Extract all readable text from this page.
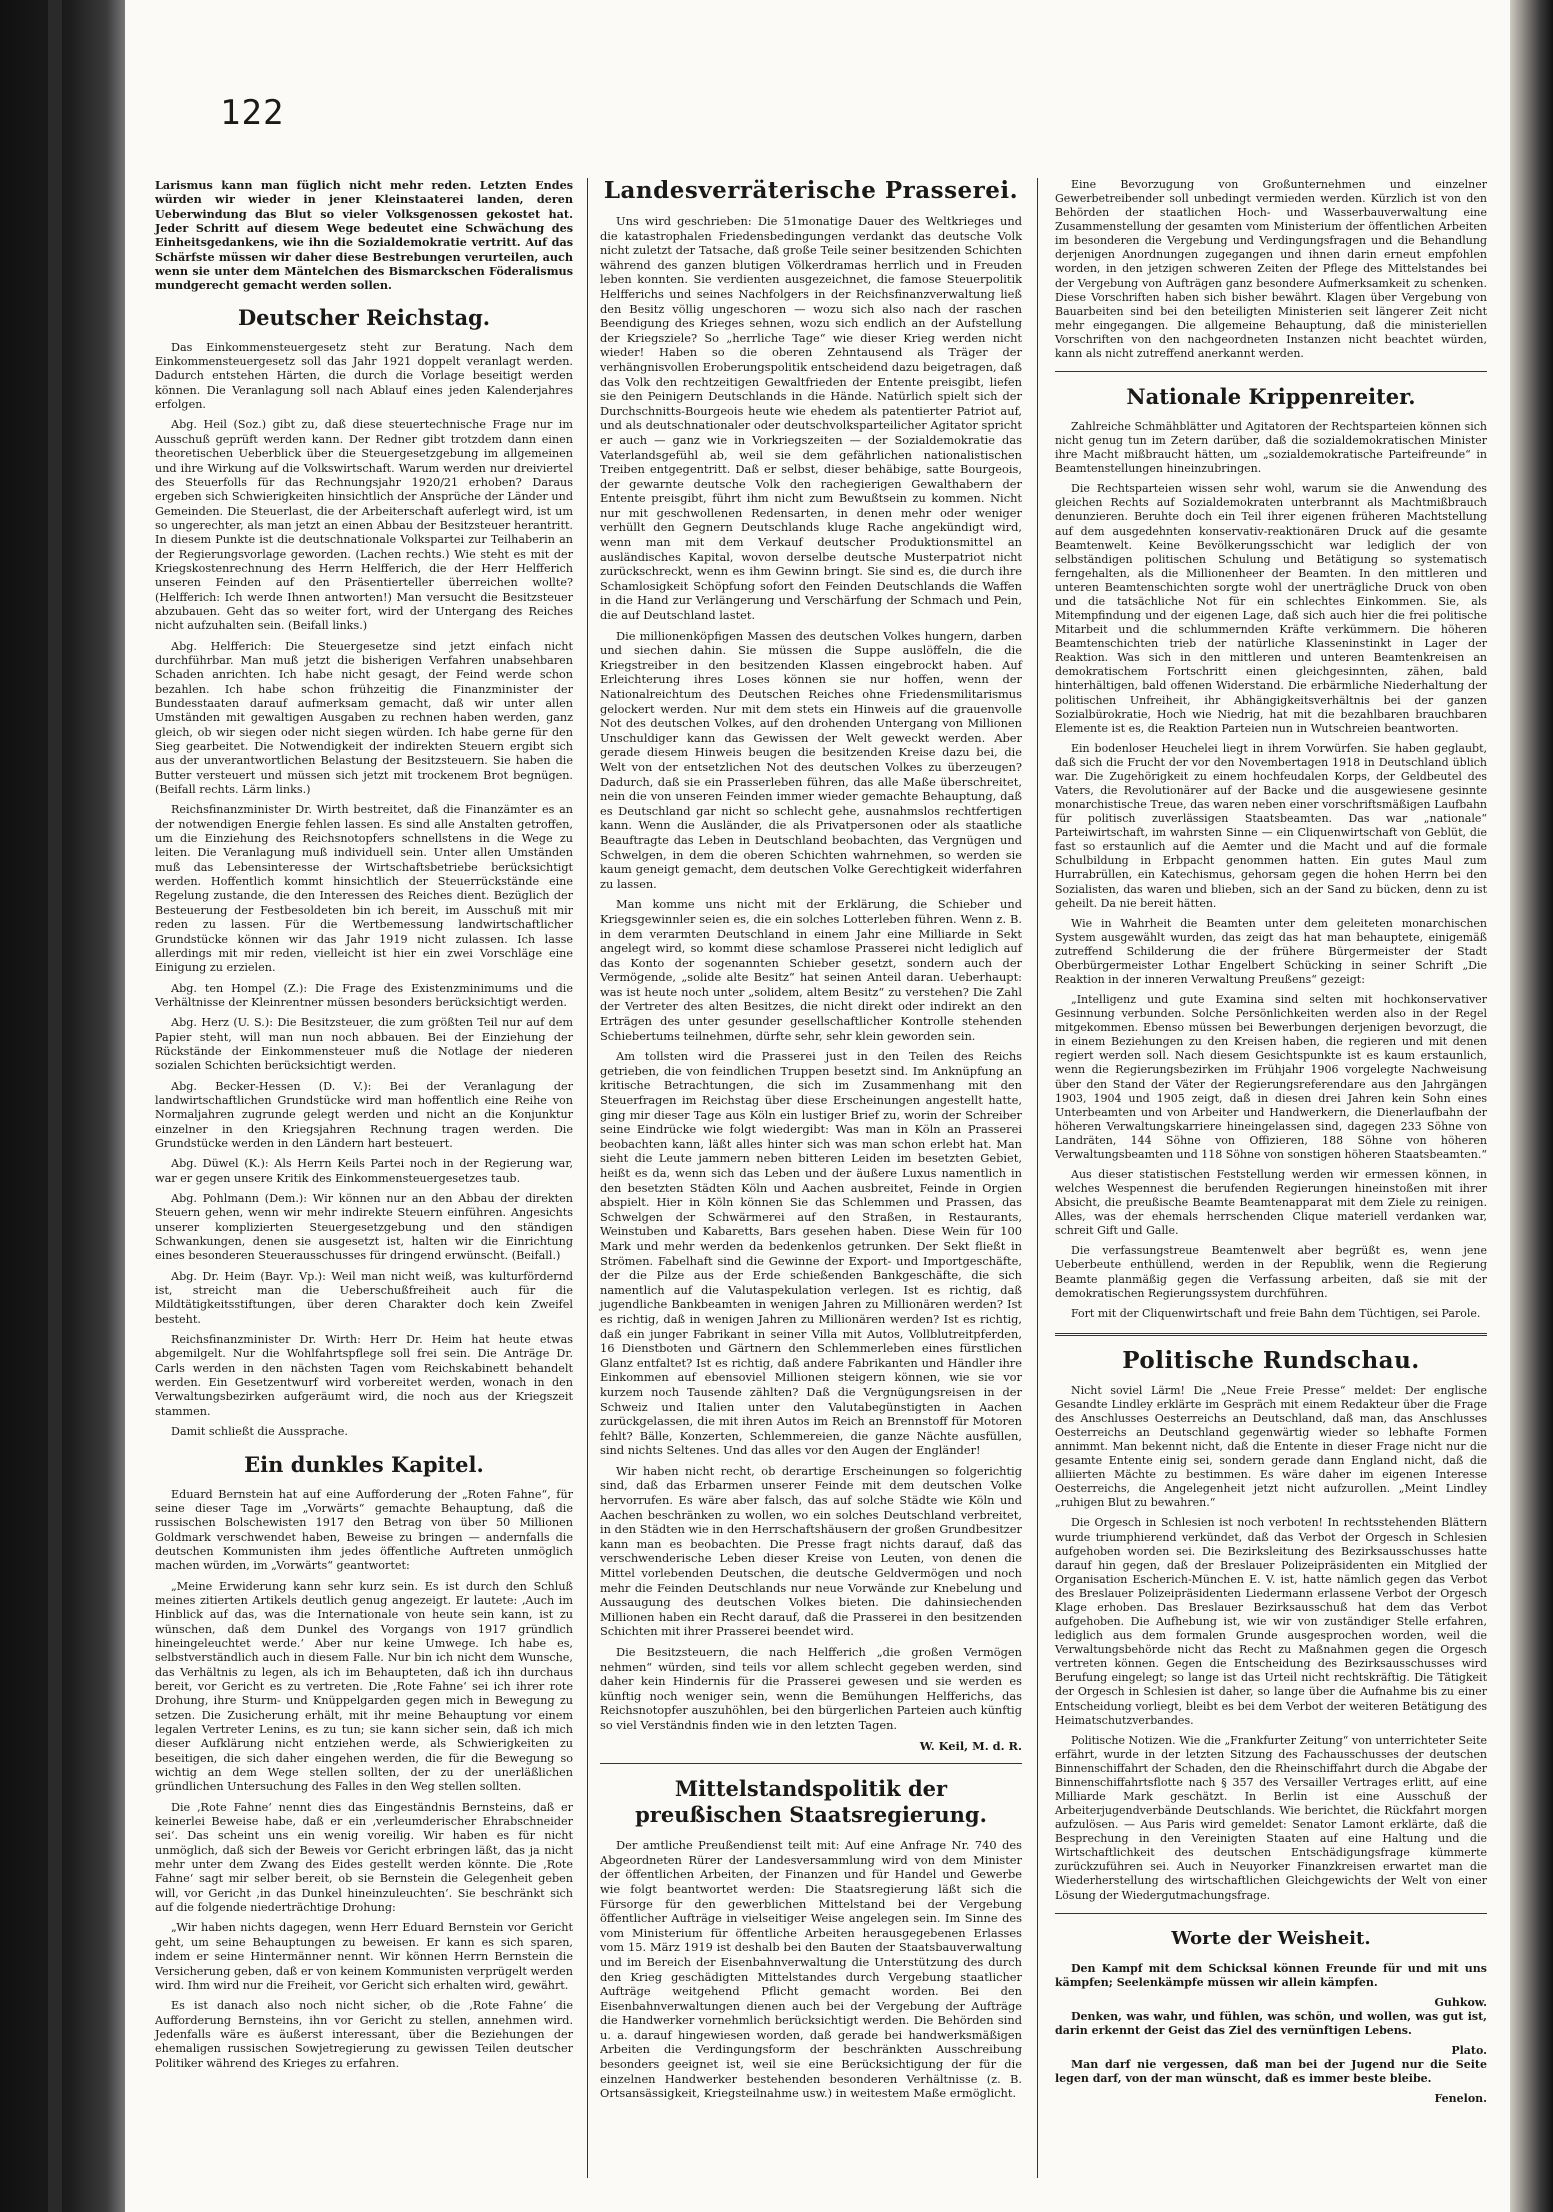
122

Larismus kann man füglich nicht mehr reden. Letzten Endes würden wir wieder in jener Kleinstaaterei landen, deren Ueberwindung das Blut so vieler Volksgenossen gekostet hat. Jeder Schritt auf diesem Wege bedeutet eine Schwächung des Einheitsgedankens, wie ihn die Sozialdemokratie vertritt. Auf das Schärfste müssen wir daher diese Bestrebungen verurteilen, auch wenn sie unter dem Mäntelchen des Bismarckschen Föderalismus mundgerecht gemacht werden sollen.

Deutscher Reichstag.

Das Einkommensteuergesetz steht zur Beratung. Nach dem Einkommensteuergesetz soll das Jahr 1921 doppelt veranlagt werden. Dadurch entstehen Härten, die durch die Vorlage beseitigt werden können. Die Veranlagung soll nach Ablauf eines jeden Kalenderjahres erfolgen.

Abg. Heil (Soz.) gibt zu, daß diese steuertechnische Frage nur im Ausschuß geprüft werden kann. Der Redner gibt trotzdem dann einen theoretischen Ueberblick über die Steuergesetzgebung im allgemeinen und ihre Wirkung auf die Volkswirtschaft. Warum werden nur dreiviertel des Steuerfolls für das Rechnungsjahr 1920/21 erhoben? Daraus ergeben sich Schwierigkeiten hinsichtlich der Ansprüche der Länder und Gemeinden. Die Steuerlast, die der Arbeiterschaft auferlegt wird, ist um so ungerechter, als man jetzt an einen Abbau der Besitzsteuer herantritt. In diesem Punkte ist die deutschnationale Volkspartei zur Teilhaberin an der Regierungsvorlage geworden. (Lachen rechts.) Wie steht es mit der Kriegskostenrechnung des Herrn Helfferich, die der Herr Helfferich unseren Feinden auf den Präsentierteller überreichen wollte? (Helfferich: Ich werde Ihnen antworten!) Man versucht die Besitzsteuer abzubauen. Geht das so weiter fort, wird der Untergang des Reiches nicht aufzuhalten sein. (Beifall links.)

Abg. Helfferich: Die Steuergesetze sind jetzt einfach nicht durchführbar. Man muß jetzt die bisherigen Verfahren unabsehbaren Schaden anrichten. Ich habe nicht gesagt, der Feind werde schon bezahlen. Ich habe schon frühzeitig die Finanzminister der Bundesstaaten darauf aufmerksam gemacht, daß wir unter allen Umständen mit gewaltigen Ausgaben zu rechnen haben werden, ganz gleich, ob wir siegen oder nicht siegen würden. Ich habe gerne für den Sieg gearbeitet. Die Notwendigkeit der indirekten Steuern ergibt sich aus der unverantwortlichen Belastung der Besitzsteuern. Sie haben die Butter versteuert und müssen sich jetzt mit trockenem Brot begnügen. (Beifall rechts. Lärm links.)

Reichsfinanzminister Dr. Wirth bestreitet, daß die Finanzämter es an der notwendigen Energie fehlen lassen. Es sind alle Anstalten getroffen, um die Einziehung des Reichsnotopfers schnellstens in die Wege zu leiten. Die Veranlagung muß individuell sein. Unter allen Umständen muß das Lebensinteresse der Wirtschaftsbetriebe berücksichtigt werden. Hoffentlich kommt hinsichtlich der Steuerrückstände eine Regelung zustande, die den Interessen des Reiches dient. Bezüglich der Besteuerung der Festbesoldeten bin ich bereit, im Ausschuß mit mir reden zu lassen. Für die Wertbemessung landwirtschaftlicher Grundstücke können wir das Jahr 1919 nicht zulassen. Ich lasse allerdings mit mir reden, vielleicht ist hier ein zwei Vorschläge eine Einigung zu erzielen.

Abg. ten Hompel (Z.): Die Frage des Existenzminimums und die Verhältnisse der Kleinrentner müssen besonders berücksichtigt werden.

Abg. Herz (U. S.): Die Besitzsteuer, die zum größten Teil nur auf dem Papier steht, will man nun noch abbauen. Bei der Einziehung der Rückstände der Einkommensteuer muß die Notlage der niederen sozialen Schichten berücksichtigt werden.

Abg. Becker-Hessen (D. V.): Bei der Veranlagung der landwirtschaftlichen Grundstücke wird man hoffentlich eine Reihe von Normaljahren zugrunde gelegt werden und nicht an die Konjunktur einzelner in den Kriegsjahren Rechnung tragen werden. Die Grundstücke werden in den Ländern hart besteuert.

Abg. Düwel (K.): Als Herrn Keils Partei noch in der Regierung war, war er gegen unsere Kritik des Einkommensteuergesetzes taub.

Abg. Pohlmann (Dem.): Wir können nur an den Abbau der direkten Steuern gehen, wenn wir mehr indirekte Steuern einführen. Angesichts unserer komplizierten Steuergesetzgebung und den ständigen Schwankungen, denen sie ausgesetzt ist, halten wir die Einrichtung eines besonderen Steuerausschusses für dringend erwünscht. (Beifall.)

Abg. Dr. Heim (Bayr. Vp.): Weil man nicht weiß, was kulturfördernd ist, streicht man die Ueberschußfreiheit auch für die Mildtätigkeitsstiftungen, über deren Charakter doch kein Zweifel besteht.

Reichsfinanzminister Dr. Wirth: Herr Dr. Heim hat heute etwas abgemilgelt. Nur die Wohlfahrtspflege soll frei sein. Die Anträge Dr. Carls werden in den nächsten Tagen vom Reichskabinett behandelt werden. Ein Gesetzentwurf wird vorbereitet werden, wonach in den Verwaltungsbezirken aufgeräumt wird, die noch aus der Kriegszeit stammen.

Damit schließt die Aussprache.

Ein dunkles Kapitel.

Eduard Bernstein hat auf eine Aufforderung der „Roten Fahne“, für seine dieser Tage im „Vorwärts“ gemachte Behauptung, daß die russischen Bolschewisten 1917 den Betrag von über 50 Millionen Goldmark verschwendet haben, Beweise zu bringen — andernfalls die deutschen Kommunisten ihm jedes öffentliche Auftreten unmöglich machen würden, im „Vorwärts“ geantwortet:

„Meine Erwiderung kann sehr kurz sein. Es ist durch den Schluß meines zitierten Artikels deutlich genug angezeigt. Er lautete: ‚Auch im Hinblick auf das, was die Internationale von heute sein kann, ist zu wünschen, daß dem Dunkel des Vorgangs von 1917 gründlich hineingeleuchtet werde.‘ Aber nur keine Umwege. Ich habe es, selbstverständlich auch in diesem Falle. Nur bin ich nicht dem Wunsche, das Verhältnis zu legen, als ich im Behaupteten, daß ich ihn durchaus bereit, vor Gericht es zu vertreten. Die ‚Rote Fahne‘ sei ich ihrer rote Drohung, ihre Sturm- und Knüppelgarden gegen mich in Bewegung zu setzen. Die Zusicherung erhält, mit ihr meine Behauptung vor einem legalen Vertreter Lenins, es zu tun; sie kann sicher sein, daß ich mich dieser Aufklärung nicht entziehen werde, als Schwierigkeiten zu beseitigen, die sich daher eingehen werden, die für die Bewegung so wichtig an dem Wege stellen sollten, der zu der unerläßlichen gründlichen Untersuchung des Falles in den Weg stellen sollten.

Die ‚Rote Fahne‘ nennt dies das Eingeständnis Bernsteins, daß er keinerlei Beweise habe, daß er ein ‚verleumderischer Ehrabschneider sei‘. Das scheint uns ein wenig voreilig. Wir haben es für nicht unmöglich, daß sich der Beweis vor Gericht erbringen läßt, das ja nicht mehr unter dem Zwang des Eides gestellt werden könnte. Die ‚Rote Fahne‘ sagt mir selber bereit, ob sie Bernstein die Gelegenheit geben will, vor Gericht ‚in das Dunkel hineinzuleuchten‘. Sie beschränkt sich auf die folgende niederträchtige Drohung:

„Wir haben nichts dagegen, wenn Herr Eduard Bernstein vor Gericht geht, um seine Behauptungen zu beweisen. Er kann es sich sparen, indem er seine Hintermänner nennt. Wir können Herrn Bernstein die Versicherung geben, daß er von keinem Kommunisten verprügelt werden wird. Ihm wird nur die Freiheit, vor Gericht sich erhalten wird, gewährt.

Es ist danach also noch nicht sicher, ob die ‚Rote Fahne‘ die Aufforderung Bernsteins, ihn vor Gericht zu stellen, annehmen wird. Jedenfalls wäre es äußerst interessant, über die Beziehungen der ehemaligen russischen Sowjetregierung zu gewissen Teilen deutscher Politiker während des Krieges zu erfahren.

Landesverräterische Prasserei.

Uns wird geschrieben: Die 51monatige Dauer des Weltkrieges und die katastrophalen Friedensbedingungen verdankt das deutsche Volk nicht zuletzt der Tatsache, daß große Teile seiner besitzenden Schichten während des ganzen blutigen Völkerdramas herrlich und in Freuden leben konnten. Sie verdienten ausgezeichnet, die famose Steuerpolitik Helfferichs und seines Nachfolgers in der Reichsfinanzverwaltung ließ den Besitz völlig ungeschoren — wozu sich also nach der raschen Beendigung des Krieges sehnen, wozu sich endlich an der Aufstellung der Kriegsziele? So „herrliche Tage“ wie dieser Krieg werden nicht wieder! Haben so die oberen Zehntausend als Träger der verhängnisvollen Eroberungspolitik entscheidend dazu beigetragen, daß das Volk den rechtzeitigen Gewaltfrieden der Entente preisgibt, liefen sie den Peinigern Deutschlands in die Hände. Natürlich spielt sich der Durchschnitts-Bourgeois heute wie ehedem als patentierter Patriot auf, und als deutschnationaler oder deutschvolksparteilicher Agitator spricht er auch — ganz wie in Vorkriegszeiten — der Sozialdemokratie das Vaterlandsgefühl ab, weil sie dem gefährlichen nationalistischen Treiben entgegentritt. Daß er selbst, dieser behäbige, satte Bourgeois, der gewarnte deutsche Volk den rachegierigen Gewalthabern der Entente preisgibt, führt ihm nicht zum Bewußtsein zu kommen. Nicht nur mit geschwollenen Redensarten, in denen mehr oder weniger verhüllt den Gegnern Deutschlands kluge Rache angekündigt wird, wenn man mit dem Verkauf deutscher Produktionsmittel an ausländisches Kapital, wovon derselbe deutsche Musterpatriot nicht zurückschreckt, wenn es ihm Gewinn bringt. Sie sind es, die durch ihre Schamlosigkeit Schöpfung sofort den Feinden Deutschlands die Waffen in die Hand zur Verlängerung und Verschärfung der Schmach und Pein, die auf Deutschland lastet.

Die millionenköpfigen Massen des deutschen Volkes hungern, darben und siechen dahin. Sie müssen die Suppe auslöffeln, die die Kriegstreiber in den besitzenden Klassen eingebrockt haben. Auf Erleichterung ihres Loses können sie nur hoffen, wenn der Nationalreichtum des Deutschen Reiches ohne Friedensmilitarismus gelockert werden. Nur mit dem stets ein Hinweis auf die grauenvolle Not des deutschen Volkes, auf den drohenden Untergang von Millionen Unschuldiger kann das Gewissen der Welt geweckt werden. Aber gerade diesem Hinweis beugen die besitzenden Kreise dazu bei, die Welt von der entsetzlichen Not des deutschen Volkes zu überzeugen? Dadurch, daß sie ein Prasserleben führen, das alle Maße überschreitet, nein die von unseren Feinden immer wieder gemachte Behauptung, daß es Deutschland gar nicht so schlecht gehe, ausnahmslos rechtfertigen kann. Wenn die Ausländer, die als Privatpersonen oder als staatliche Beauftragte das Leben in Deutschland beobachten, das Vergnügen und Schwelgen, in dem die oberen Schichten wahrnehmen, so werden sie kaum geneigt gemacht, dem deutschen Volke Gerechtigkeit widerfahren zu lassen.

Man komme uns nicht mit der Erklärung, die Schieber und Kriegsgewinnler seien es, die ein solches Lotterleben führen. Wenn z. B. in dem verarmten Deutschland in einem Jahr eine Milliarde in Sekt angelegt wird, so kommt diese schamlose Prasserei nicht lediglich auf das Konto der sogenannten Schieber gesetzt, sondern auch der Vermögende, „solide alte Besitz“ hat seinen Anteil daran. Ueberhaupt: was ist heute noch unter „solidem, altem Besitz“ zu verstehen? Die Zahl der Vertreter des alten Besitzes, die nicht direkt oder indirekt an den Erträgen des unter gesunder gesellschaftlicher Kontrolle stehenden Schiebertums teilnehmen, dürfte sehr, sehr klein geworden sein.

Am tollsten wird die Prasserei just in den Teilen des Reichs getrieben, die von feindlichen Truppen besetzt sind. Im Anknüpfung an kritische Betrachtungen, die sich im Zusammenhang mit den Steuerfragen im Reichstag über diese Erscheinungen angestellt hatte, ging mir dieser Tage aus Köln ein lustiger Brief zu, worin der Schreiber seine Eindrücke wie folgt wiedergibt: Was man in Köln an Prasserei beobachten kann, läßt alles hinter sich was man schon erlebt hat. Man sieht die Leute jammern neben bitteren Leiden im besetzten Gebiet, heißt es da, wenn sich das Leben und der äußere Luxus namentlich in den besetzten Städten Köln und Aachen ausbreitet, Feinde in Orgien abspielt. Hier in Köln können Sie das Schlemmen und Prassen, das Schwelgen der Schwärmerei auf den Straßen, in Restaurants, Weinstuben und Kabaretts, Bars gesehen haben. Diese Wein für 100 Mark und mehr werden da bedenkenlos getrunken. Der Sekt fließt in Strömen. Fabelhaft sind die Gewinne der Export- und Importgeschäfte, der die Pilze aus der Erde schießenden Bankgeschäfte, die sich namentlich auf die Valutaspekulation verlegen. Ist es richtig, daß jugendliche Bankbeamten in wenigen Jahren zu Millionären werden? Ist es richtig, daß in wenigen Jahren zu Millionären werden? Ist es richtig, daß ein junger Fabrikant in seiner Villa mit Autos, Vollblutreitpferden, 16 Dienstboten und Gärtnern den Schlemmerleben eines fürstlichen Glanz entfaltet? Ist es richtig, daß andere Fabrikanten und Händler ihre Einkommen auf ebensoviel Millionen steigern können, wie sie vor kurzem noch Tausende zählten? Daß die Vergnügungsreisen in der Schweiz und Italien unter den Valutabegünstigten in Aachen zurückgelassen, die mit ihren Autos im Reich an Brennstoff für Motoren fehlt? Bälle, Konzerten, Schlemmereien, die ganze Nächte ausfüllen, sind nichts Seltenes. Und das alles vor den Augen der Engländer!

Wir haben nicht recht, ob derartige Erscheinungen so folgerichtig sind, daß das Erbarmen unserer Feinde mit dem deutschen Volke hervorrufen. Es wäre aber falsch, das auf solche Städte wie Köln und Aachen beschränken zu wollen, wo ein solches Deutschland verbreitet, in den Städten wie in den Herrschaftshäusern der großen Grundbesitzer kann man es beobachten. Die Presse fragt nichts darauf, daß das verschwenderische Leben dieser Kreise von Leuten, von denen die Mittel vorlebenden Deutschen, die deutsche Geldvermögen und noch mehr die Feinden Deutschlands nur neue Vorwände zur Knebelung und Aussaugung des deutschen Volkes bieten. Die dahinsiechenden Millionen haben ein Recht darauf, daß die Prasserei in den besitzenden Schichten mit ihrer Prasserei beendet wird.

Die Besitzsteuern, die nach Helfferich „die großen Vermögen nehmen“ würden, sind teils vor allem schlecht gegeben werden, sind daher kein Hindernis für die Prasserei gewesen und sie werden es künftig noch weniger sein, wenn die Bemühungen Helfferichs, das Reichsnotopfer auszuhöhlen, bei den bürgerlichen Parteien auch künftig so viel Verständnis finden wie in den letzten Tagen.

W. Keil, M. d. R.
Mittelstandspolitik der preußischen Staatsregierung.

Der amtliche Preußendienst teilt mit: Auf eine Anfrage Nr. 740 des Abgeordneten Rürer der Landesversammlung wird von dem Minister der öffentlichen Arbeiten, der Finanzen und für Handel und Gewerbe wie folgt beantwortet werden: Die Staatsregierung läßt sich die Fürsorge für den gewerblichen Mittelstand bei der Vergebung öffentlicher Aufträge in vielseitiger Weise angelegen sein. Im Sinne des vom Ministerium für öffentliche Arbeiten herausgegebenen Erlasses vom 15. März 1919 ist deshalb bei den Bauten der Staatsbauverwaltung und im Bereich der Eisenbahnverwaltung die Unterstützung des durch den Krieg geschädigten Mittelstandes durch Vergebung staatlicher Aufträge weitgehend Pflicht gemacht worden. Bei den Eisenbahnverwaltungen dienen auch bei der Vergebung der Aufträge die Handwerker vornehmlich berücksichtigt werden. Die Behörden sind u. a. darauf hingewiesen worden, daß gerade bei handwerksmäßigen Arbeiten die Verdingungsform der beschränkten Ausschreibung besonders geeignet ist, weil sie eine Berücksichtigung der für die einzelnen Handwerker bestehenden besonderen Verhältnisse (z. B. Ortsansässigkeit, Kriegsteilnahme usw.) in weitestem Maße ermöglicht.

Eine Bevorzugung von Großunternehmen und einzelner Gewerbetreibender soll unbedingt vermieden werden. Kürzlich ist von den Behörden der staatlichen Hoch- und Wasserbauverwaltung eine Zusammenstellung der gesamten vom Ministerium der öffentlichen Arbeiten im besonderen die Vergebung und Verdingungsfragen und die Behandlung derjenigen Anordnungen zugegangen und ihnen darin erneut empfohlen worden, in den jetzigen schweren Zeiten der Pflege des Mittelstandes bei der Vergebung von Aufträgen ganz besondere Aufmerksamkeit zu schenken. Diese Vorschriften haben sich bisher bewährt. Klagen über Vergebung von Bauarbeiten sind bei den beteiligten Ministerien seit längerer Zeit nicht mehr eingegangen. Die allgemeine Behauptung, daß die ministeriellen Vorschriften von den nachgeordneten Instanzen nicht beachtet würden, kann als nicht zutreffend anerkannt werden.

Nationale Krippenreiter.

Zahlreiche Schmähblätter und Agitatoren der Rechtsparteien können sich nicht genug tun im Zetern darüber, daß die sozialdemokratischen Minister ihre Macht mißbraucht hätten, um „sozialdemokratische Parteifreunde“ in Beamtenstellungen hineinzubringen.

Die Rechtsparteien wissen sehr wohl, warum sie die Anwendung des gleichen Rechts auf Sozialdemokraten unterbrannt als Machtmißbrauch denunzieren. Beruhte doch ein Teil ihrer eigenen früheren Machtstellung auf dem ausgedehnten konservativ-reaktionären Druck auf die gesamte Beamtenwelt. Keine Bevölkerungsschicht war lediglich der von selbständigen politischen Schulung und Betätigung so systematisch ferngehalten, als die Millionenheer der Beamten. In den mittleren und unteren Beamtenschichten sorgte wohl der unerträgliche Druck von oben und die tatsächliche Not für ein schlechtes Einkommen. Sie, als Mitempfindung und der eigenen Lage, daß sich auch hier die frei politische Mitarbeit und die schlummernden Kräfte verkümmern. Die höheren Beamtenschichten trieb der natürliche Klasseninstinkt in Lager der Reaktion. Was sich in den mittleren und unteren Beamtenkreisen an demokratischem Fortschritt einen gleichgesinnten, zähen, bald hinterhältigen, bald offenen Widerstand. Die erbärmliche Niederhaltung der politischen Unfreiheit, ihr Abhängigkeitsverhältnis bei der ganzen Sozialbürokratie, Hoch wie Niedrig, hat mit die bezahlbaren brauchbaren Elemente ist es, die Reaktion Parteien nun in Wutschreien beantworten.

Ein bodenloser Heuchelei liegt in ihrem Vorwürfen. Sie haben geglaubt, daß sich die Frucht der vor den Novembertagen 1918 in Deutschland üblich war. Die Zugehörigkeit zu einem hochfeudalen Korps, der Geldbeutel des Vaters, die Revolutionärer auf der Backe und die ausgewiesene gesinnte monarchistische Treue, das waren neben einer vorschriftsmäßigen Laufbahn für politisch zuverlässigen Staatsbeamten. Das war „nationale“ Parteiwirtschaft, im wahrsten Sinne — ein Cliquenwirtschaft von Geblüt, die fast so erstaunlich auf die Aemter und die Macht und auf die formale Schulbildung in Erbpacht genommen hatten. Ein gutes Maul zum Hurrabrüllen, ein Katechismus, gehorsam gegen die hohen Herrn bei den Sozialisten, das waren und blieben, sich an der Sand zu bücken, denn zu ist geheilt. Da nie bereit hätten.

Wie in Wahrheit die Beamten unter dem geleiteten monarchischen System ausgewählt wurden, das zeigt das hat man behauptete, einigemäß zutreffend Schilderung die der frühere Bürgermeister der Stadt Oberbürgermeister Lothar Engelbert Schücking in seiner Schrift „Die Reaktion in der inneren Verwaltung Preußens“ gezeigt:

„Intelligenz und gute Examina sind selten mit hochkonservativer Gesinnung verbunden. Solche Persönlichkeiten werden also in der Regel mitgekommen. Ebenso müssen bei Bewerbungen derjenigen bevorzugt, die in einem Beziehungen zu den Kreisen haben, die regieren und mit denen regiert werden soll. Nach diesem Gesichtspunkte ist es kaum erstaunlich, wenn die Regierungsbezirken im Frühjahr 1906 vorgelegte Nachweisung über den Stand der Väter der Regierungsreferendare aus den Jahrgängen 1903, 1904 und 1905 zeigt, daß in diesen drei Jahren kein Sohn eines Unterbeamten und von Arbeiter und Handwerkern, die Dienerlaufbahn der höheren Verwaltungskarriere hineingelassen sind, dagegen 233 Söhne von Landräten, 144 Söhne von Offizieren, 188 Söhne von höheren Verwaltungsbeamten und 118 Söhne von sonstigen höheren Staatsbeamten.“

Aus dieser statistischen Feststellung werden wir ermessen können, in welches Wespennest die berufenden Regierungen hineinstoßen mit ihrer Absicht, die preußische Beamte Beamtenapparat mit dem Ziele zu reinigen. Alles, was der ehemals herrschenden Clique materiell verdanken war, schreit Gift und Galle.

Die verfassungstreue Beamtenwelt aber begrüßt es, wenn jene Ueberbeute enthüllend, werden in der Republik, wenn die Regierung Beamte planmäßig gegen die Verfassung arbeiten, daß sie mit der demokratischen Regierungssystem durchführen.

Fort mit der Cliquenwirtschaft und freie Bahn dem Tüchtigen, sei Parole.

Politische Rundschau.

Nicht soviel Lärm! Die „Neue Freie Presse“ meldet: Der englische Gesandte Lindley erklärte im Gespräch mit einem Redakteur über die Frage des Anschlusses Oesterreichs an Deutschland, daß man, das Anschlusses Oesterreichs an Deutschland gegenwärtig wieder so lebhafte Formen annimmt. Man bekennt nicht, daß die Entente in dieser Frage nicht nur die gesamte Entente einig sei, sondern gerade dann England nicht, daß die alliierten Mächte zu bestimmen. Es wäre daher im eigenen Interesse Oesterreichs, die Angelegenheit jetzt nicht aufzurollen. „Meint Lindley „ruhigen Blut zu bewahren.“

Die Orgesch in Schlesien ist noch verboten! In rechtsstehenden Blättern wurde triumphierend verkündet, daß das Verbot der Orgesch in Schlesien aufgehoben worden sei. Die Bezirksleitung des Bezirksausschusses hatte darauf hin gegen, daß der Breslauer Polizeipräsidenten ein Mitglied der Organisation Escherich-München E. V. ist, hatte nämlich gegen das Verbot des Breslauer Polizeipräsidenten Liedermann erlassene Verbot der Orgesch Klage erhoben. Das Breslauer Bezirksausschuß hat dem das Verbot aufgehoben. Die Aufhebung ist, wie wir von zuständiger Stelle erfahren, lediglich aus dem formalen Grunde ausgesprochen worden, weil die Verwaltungsbehörde nicht das Recht zu Maßnahmen gegen die Orgesch vertreten können. Gegen die Entscheidung des Bezirksausschusses wird Berufung eingelegt; so lange ist das Urteil nicht rechtskräftig. Die Tätigkeit der Orgesch in Schlesien ist daher, so lange über die Aufnahme bis zu einer Entscheidung vorliegt, bleibt es bei dem Verbot der weiteren Betätigung des Heimatschutzverbandes.

Politische Notizen. Wie die „Frankfurter Zeitung“ von unterrichteter Seite erfährt, wurde in der letzten Sitzung des Fachausschusses der deutschen Binnenschiffahrt der Schaden, den die Rheinschiffahrt durch die Abgabe der Binnenschiffahrtsflotte nach § 357 des Versailler Vertrages erlitt, auf eine Milliarde Mark geschätzt. In Berlin ist eine Ausschuß der Arbeiterjugendverbände Deutschlands. Wie berichtet, die Rückfahrt morgen aufzulösen. — Aus Paris wird gemeldet: Senator Lamont erklärte, daß die Besprechung in den Vereinigten Staaten auf eine Haltung und die Wirtschaftlichkeit des deutschen Entschädigungsfrage kümmerte zurückzuführen sei. Auch in Neuyorker Finanzkreisen erwartet man die Wiederherstellung des wirtschaftlichen Gleichgewichts der Welt von einer Lösung der Wiedergutmachungsfrage.

Worte der Weisheit.

Den Kampf mit dem Schicksal können Freunde für und mit uns kämpfen; Seelenkämpfe müssen wir allein kämpfen.

Guhkow.

Denken, was wahr, und fühlen, was schön, und wollen, was gut ist, darin erkennt der Geist das Ziel des vernünftigen Lebens.

Plato.

Man darf nie vergessen, daß man bei der Jugend nur die Seite legen darf, von der man wünscht, daß es immer beste bleibe.

Fenelon.
